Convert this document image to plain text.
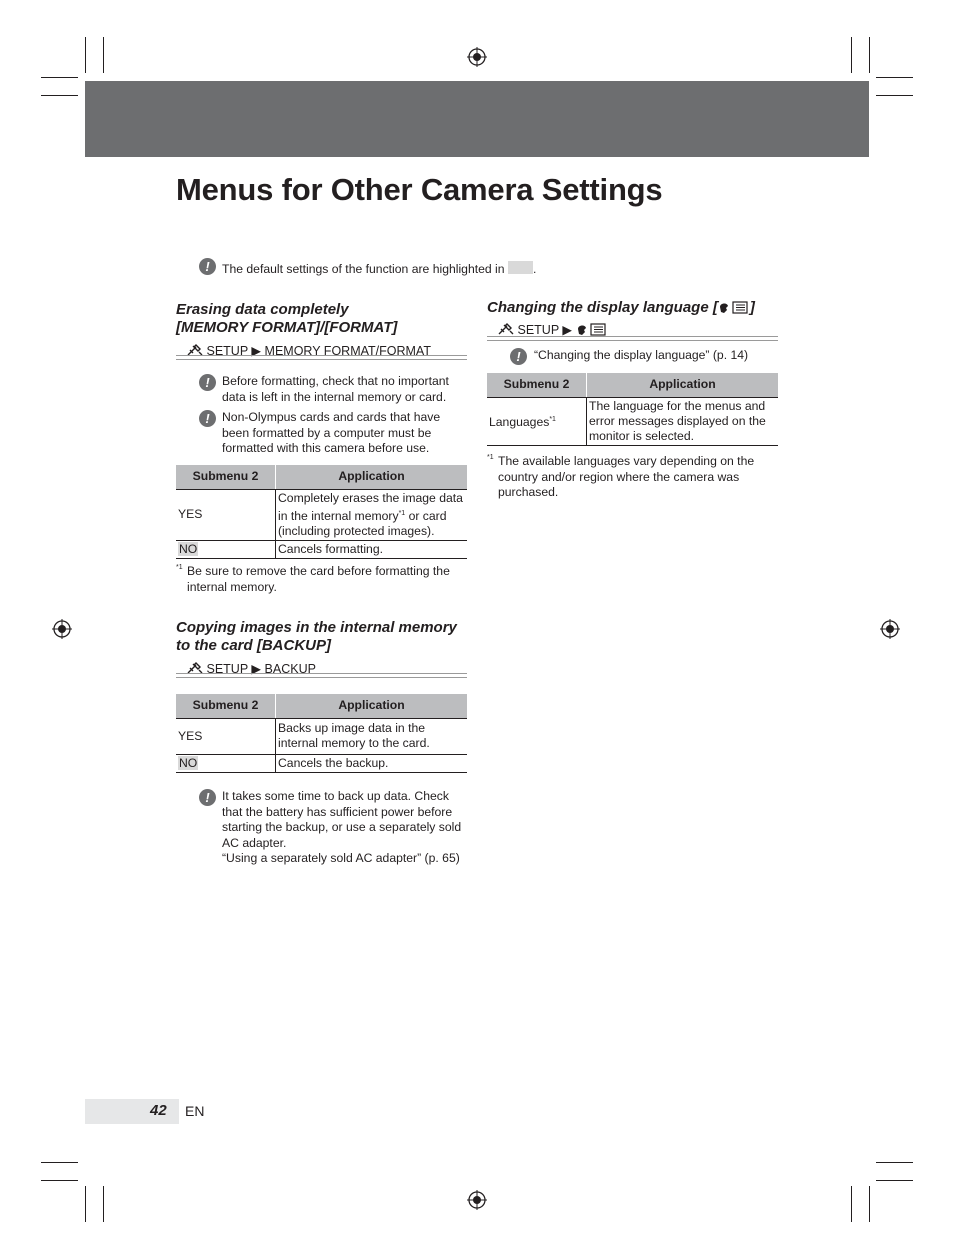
Menus for Other Camera Settings
!	The default settings of the function are highlighted in .
Erasing data completely
[MEMORY FORMAT]/[FORMAT]
SETUP ▶ MEMORY FORMAT/FORMAT
!	Before formatting, check that no important data is left in the internal memory or card.
!	Non-Olympus cards and cards that have been formatted by a computer must be formatted with this camera before use.
Submenu 2	Application
YES	Completely erases the image data in the internal memory$^{*1}$ or card (including protected images).
NO	Cancels formatting.
*1 Be sure to remove the card before formatting the internal memory.
Copying images in the internal memory
to the card [BACKUP]
SETUP ▶ BACKUP
Submenu 2	Application
YES	Backs up image data in the internal memory to the card.
NO	Cancels the backup.
!	It takes some time to back up data. Check that the battery has sufficient power before starting the backup, or use a separately sold AC adapter.
“Using a separately sold AC adapter” (p. 65)
Changing the display language [ ]
SETUP ▶
!	“Changing the display language” (p. 14)
Submenu 2	Application
Languages$^{*1}$	The language for the menus and error messages displayed on the monitor is selected.
*1 The available languages vary depending on the country and/or region where the camera was purchased.
42 EN
